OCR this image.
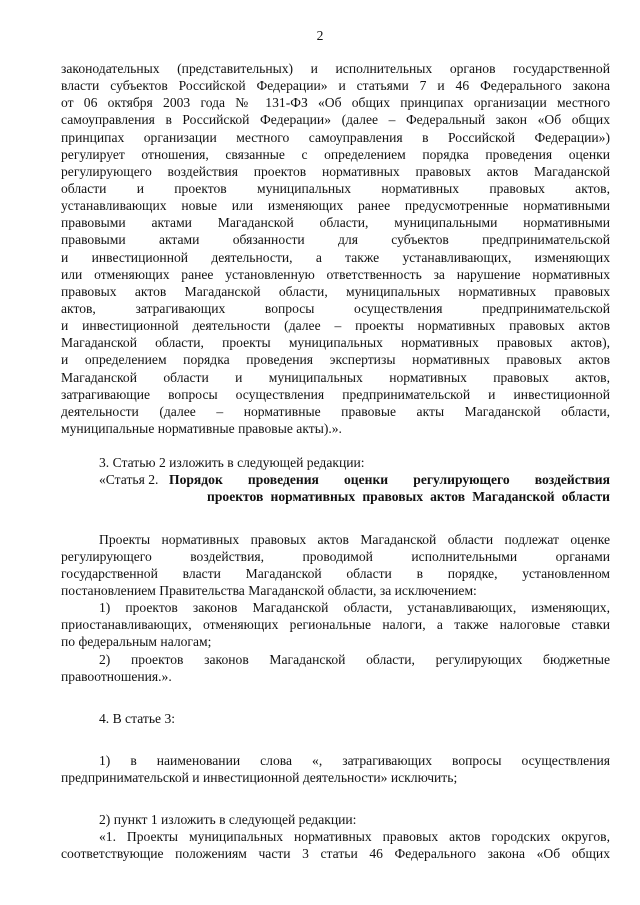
2
законодательных (представительных) и исполнительных органов государственной
власти субъектов Российской Федерации» и статьями 7 и 46 Федерального закона
от 06 октября 2003 года № 131-ФЗ «Об общих принципах организации местного
самоуправления в Российской Федерации» (далее – Федеральный закон «Об общих
принципах организации местного самоуправления в Российской Федерации»)
регулирует отношения, связанные с определением порядка проведения оценки
регулирующего воздействия проектов нормативных правовых актов Магаданской
области и проектов муниципальных нормативных правовых актов,
устанавливающих новые или изменяющих ранее предусмотренные нормативными
правовыми актами Магаданской области, муниципальными нормативными
правовыми актами обязанности для субъектов предпринимательской
и инвестиционной деятельности, а также устанавливающих, изменяющих
или отменяющих ранее установленную ответственность за нарушение нормативных
правовых актов Магаданской области, муниципальных нормативных правовых
актов, затрагивающих вопросы осуществления предпринимательской
и инвестиционной деятельности (далее – проекты нормативных правовых актов
Магаданской области, проекты муниципальных нормативных правовых актов),
и определением порядка проведения экспертизы нормативных правовых актов
Магаданской области и муниципальных нормативных правовых актов,
затрагивающие вопросы осуществления предпринимательской и инвестиционной
деятельности (далее – нормативные правовые акты Магаданской области,
муниципальные нормативные правовые акты).».
3. Статью 2 изложить в следующей редакции:
«Статья 2. Порядок проведения оценки регулирующего воздействия
проектов нормативных правовых актов Магаданской области
Проекты нормативных правовых актов Магаданской области подлежат оценке
регулирующего воздействия, проводимой исполнительными органами
государственной власти Магаданской области в порядке, установленном
постановлением Правительства Магаданской области, за исключением:
1) проектов законов Магаданской области, устанавливающих, изменяющих,
приостанавливающих, отменяющих региональные налоги, а также налоговые ставки
по федеральным налогам;
2) проектов законов Магаданской области, регулирующих бюджетные
правоотношения.».
4. В статье 3:
1) в наименовании слова «, затрагивающих вопросы осуществления
предпринимательской и инвестиционной деятельности» исключить;
2) пункт 1 изложить в следующей редакции:
«1. Проекты муниципальных нормативных правовых актов городских округов,
соответствующие положениям части 3 статьи 46 Федерального закона «Об общих
